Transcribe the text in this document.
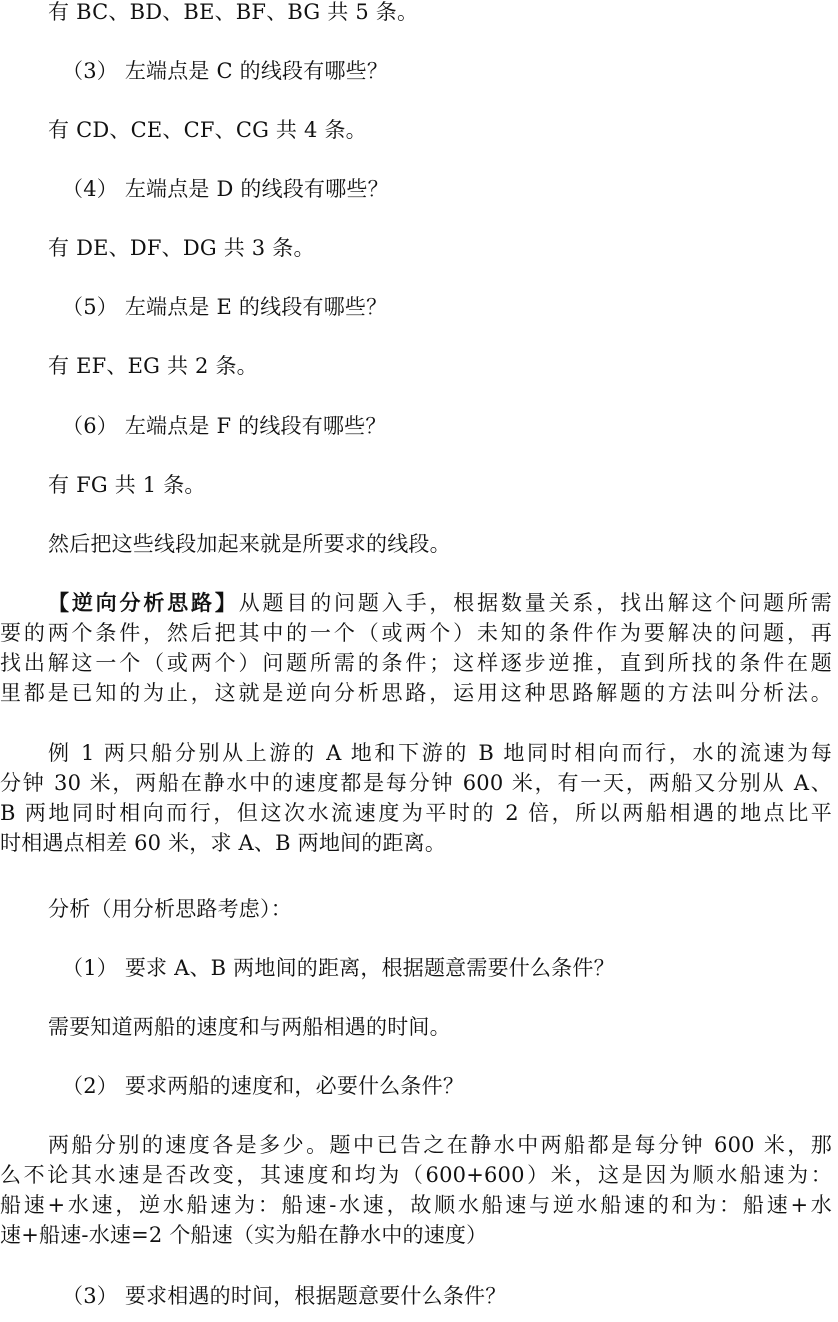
有 BC、BD、BE、BF、BG 共 5 条。
（3） 左端点是 C 的线段有哪些？
有 CD、CE、CF、CG 共 4 条。
（4） 左端点是 D 的线段有哪些？
有 DE、DF、DG 共 3 条。
（5） 左端点是 E 的线段有哪些？
有 EF、EG 共 2 条。
（6） 左端点是 F 的线段有哪些？
有 FG 共 1 条。
然后把这些线段加起来就是所要求的线段。
【逆向分析思路】从题目的问题入手，根据数量关系，找出解这个问题所需
要的两个条件，然后把其中的一个（或两个）未知的条件作为要解决的问题，再
找出解这一个（或两个）问题所需的条件；这样逐步逆推，直到所找的条件在题
里都是已知的为止，这就是逆向分析思路，运用这种思路解题的方法叫分析法。
例 1 两只船分别从上游的 A 地和下游的 B 地同时相向而行，水的流速为每
分钟 30 米，两船在静水中的速度都是每分钟 600 米，有一天，两船又分别从 A、
B 两地同时相向而行，但这次水流速度为平时的 2 倍，所以两船相遇的地点比平
时相遇点相差 60 米，求 A、B 两地间的距离。
分析（用分析思路考虑）：
（1） 要求 A、B 两地间的距离，根据题意需要什么条件？
需要知道两船的速度和与两船相遇的时间。
（2） 要求两船的速度和，必要什么条件？
两船分别的速度各是多少。题中已告之在静水中两船都是每分钟 600 米，那
么不论其水速是否改变，其速度和均为（600+600）米，这是因为顺水船速为：
船速+水速，逆水船速为：船速-水速，故顺水船速与逆水船速的和为：船速+水
速+船速-水速=2 个船速（实为船在静水中的速度）
（3） 要求相遇的时间，根据题意要什么条件？
